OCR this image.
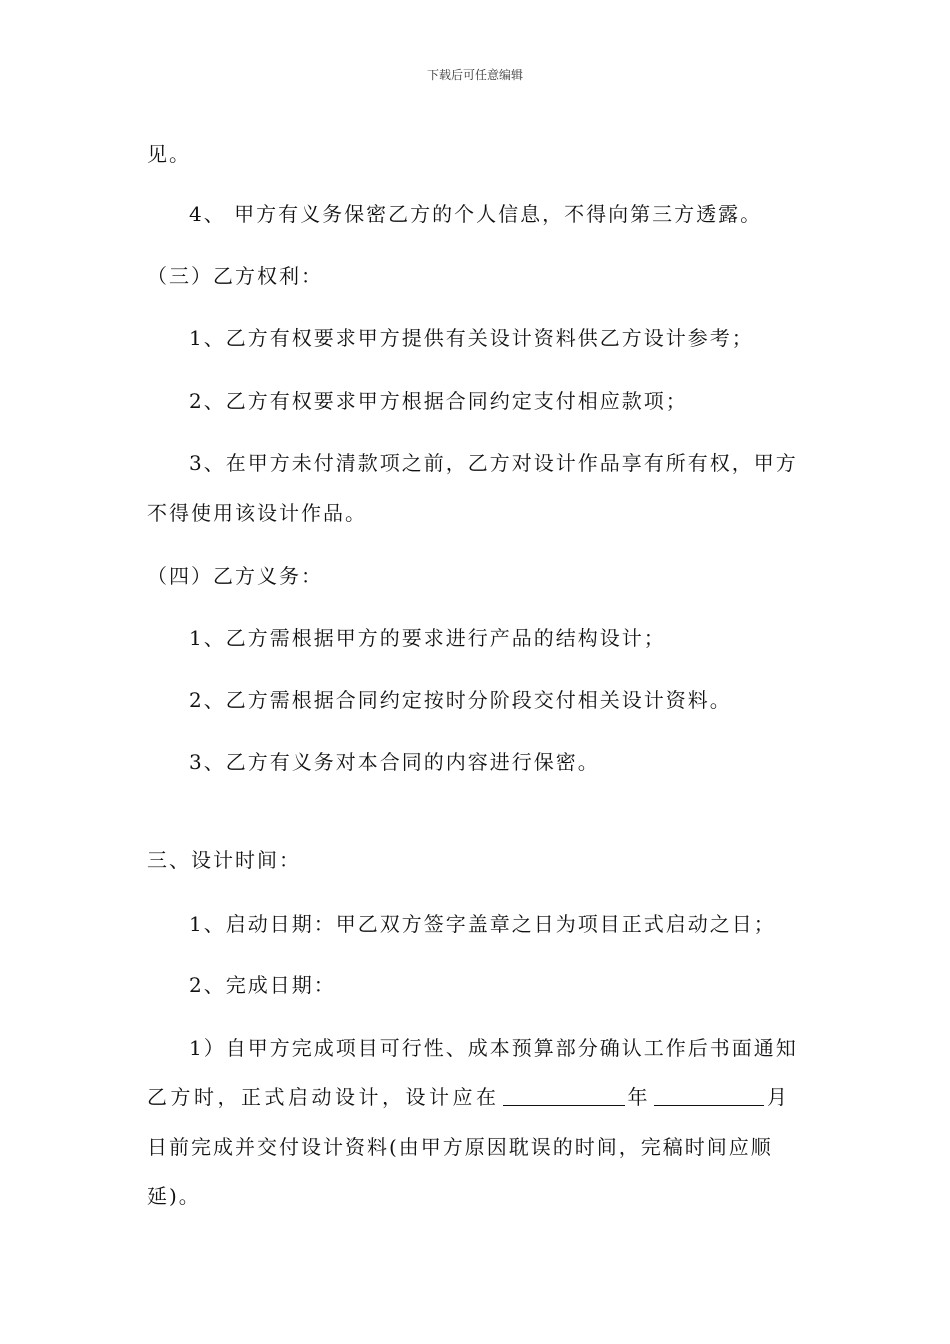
下载后可任意编辑
见。
4、 甲方有义务保密乙方的个人信息，不得向第三方透露。
（三）乙方权利：
1、乙方有权要求甲方提供有关设计资料供乙方设计参考；
2、乙方有权要求甲方根据合同约定支付相应款项；
3、在甲方未付清款项之前，乙方对设计作品享有所有权，甲方
不得使用该设计作品。
（四）乙方义务：
1、乙方需根据甲方的要求进行产品的结构设计；
2、乙方需根据合同约定按时分阶段交付相关设计资料。
3、乙方有义务对本合同的内容进行保密。
三、设计时间：
1、启动日期：甲乙双方签字盖章之日为项目正式启动之日；
2、完成日期：
1）自甲方完成项目可行性、成本预算部分确认工作后书面通知
乙方时，正式启动设计，设计应在	年	月
日前完成并交付设计资料(由甲方原因耽误的时间，完稿时间应顺
延)。
